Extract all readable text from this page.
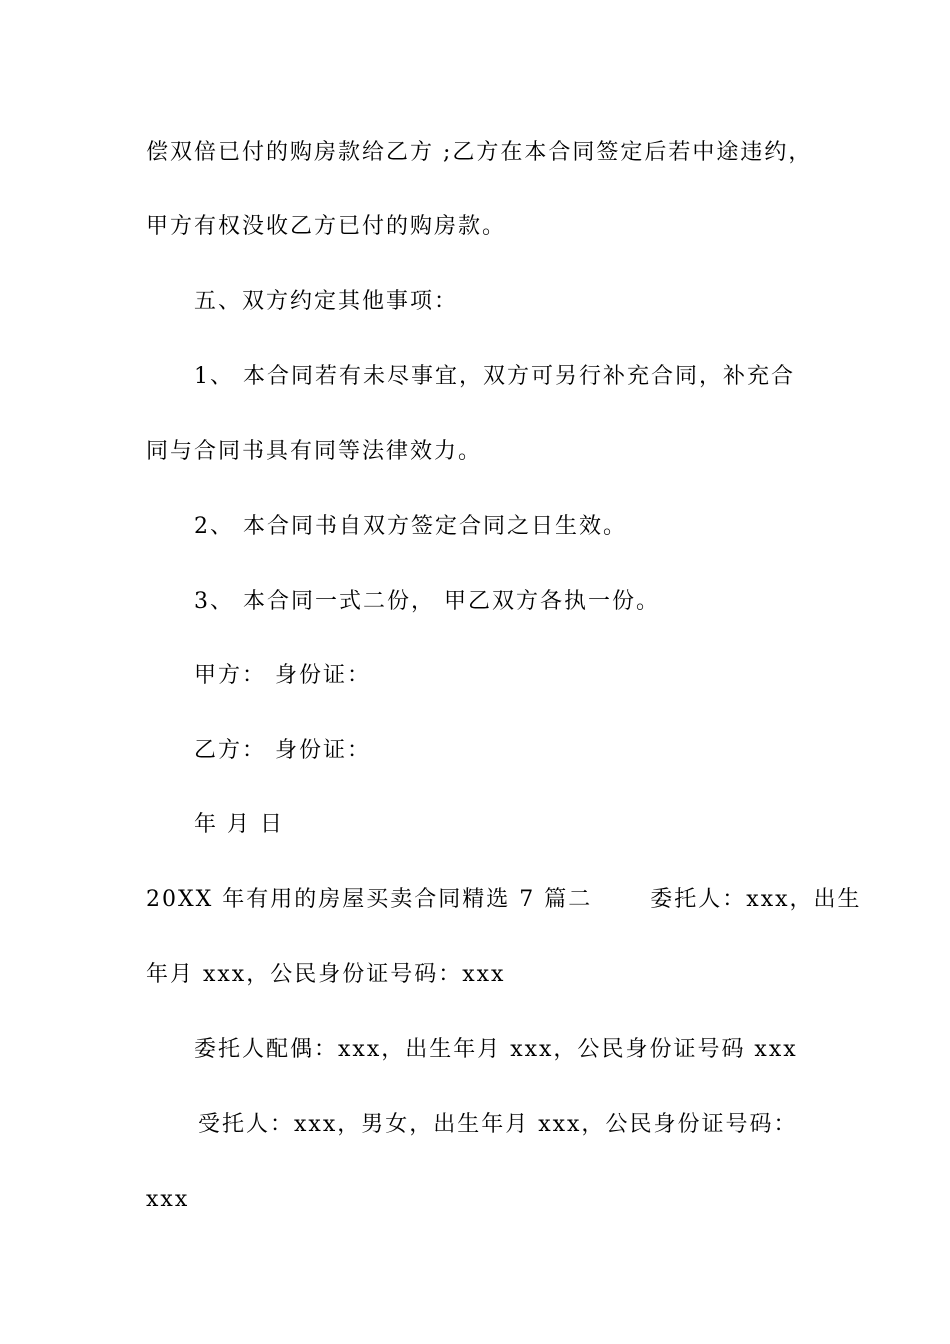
偿双倍已付的购房款给乙方 ;乙方在本合同签定后若中途违约，
甲方有权没收乙方已付的购房款。
五、双方约定其他事项：
1、 本合同若有未尽事宜，双方可另行补充合同，补充合
同与合同书具有同等法律效力。
2、 本合同书自双方签定合同之日生效。
3、 本合同一式二份， 甲乙双方各执一份。
甲方： 身份证：
乙方： 身份证：
年 月 日
20XX 年有用的房屋买卖合同精选 7 篇二	委托人：xxx，出生
年月 xxx，公民身份证号码：xxx
委托人配偶：xxx，出生年月 xxx，公民身份证号码 xxx
受托人：xxx，男女，出生年月 xxx，公民身份证号码：
xxx
